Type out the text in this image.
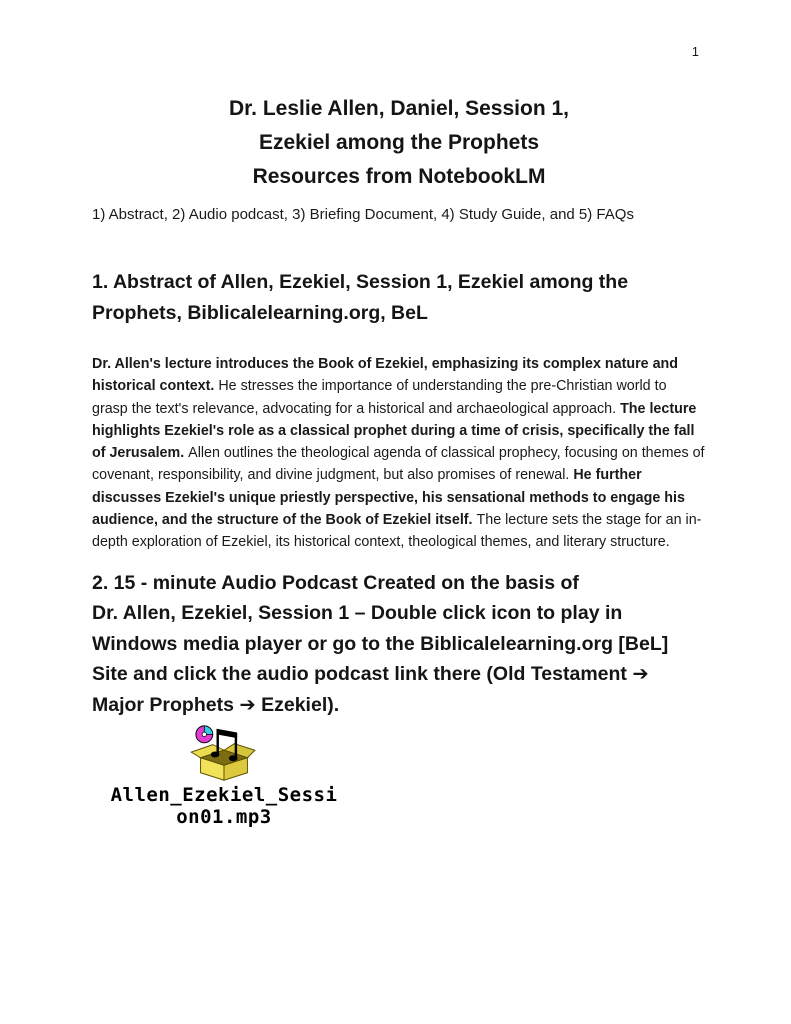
1
Dr. Leslie Allen, Daniel, Session 1,
Ezekiel among the Prophets
Resources from NotebookLM
1) Abstract, 2) Audio podcast, 3) Briefing Document, 4) Study Guide, and 5) FAQs
1. Abstract of Allen, Ezekiel, Session 1, Ezekiel among the
Prophets, Biblicalelearning.org, BeL
Dr. Allen's lecture introduces the Book of Ezekiel, emphasizing its complex nature and historical context. He stresses the importance of understanding the pre-Christian world to grasp the text's relevance, advocating for a historical and archaeological approach. The lecture highlights Ezekiel's role as a classical prophet during a time of crisis, specifically the fall of Jerusalem. Allen outlines the theological agenda of classical prophecy, focusing on themes of covenant, responsibility, and divine judgment, but also promises of renewal. He further discusses Ezekiel's unique priestly perspective, his sensational methods to engage his audience, and the structure of the Book of Ezekiel itself. The lecture sets the stage for an in-depth exploration of Ezekiel, its historical context, theological themes, and literary structure.
2. 15 - minute Audio Podcast Created on the basis of
Dr. Allen, Ezekiel, Session 1 – Double click icon to play in
Windows media player or go to the Biblicalelearning.org [BeL]
Site and click the audio podcast link there (Old Testament ➔
Major Prophets ➔ Ezekiel).
Allen_Ezekiel_Sessi
on01.mp3
